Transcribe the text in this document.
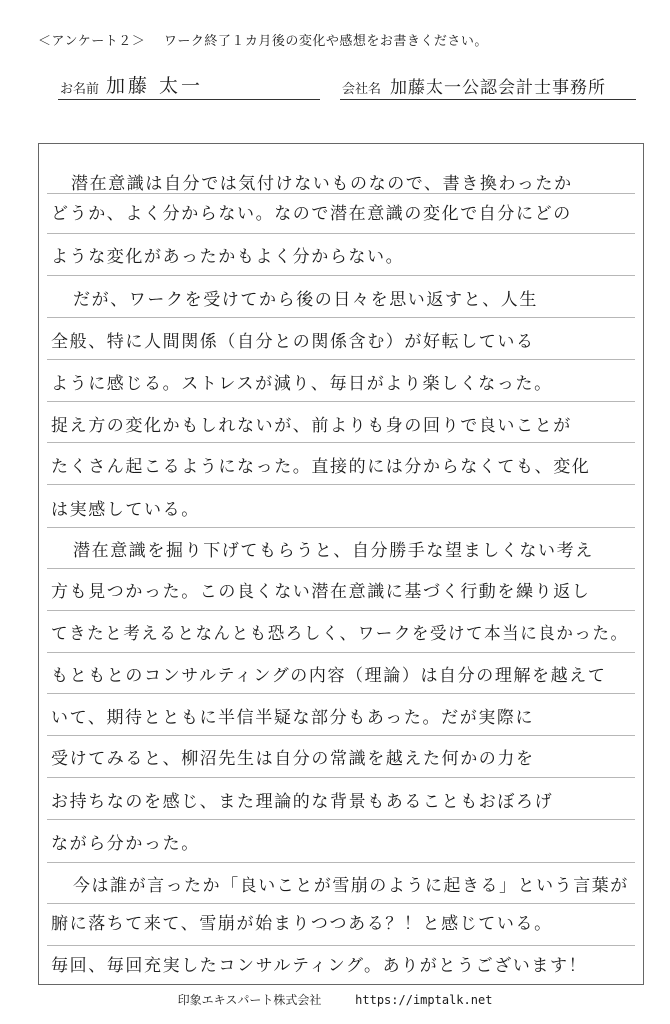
＜アンケート２＞ ワーク終了１カ月後の変化や感想をお書きください。
お名前 加藤 太一	会社名 加藤太一公認会計士事務所
潜在意識は自分では気付けないものなので、書き換わったか
どうか、よく分からない。なので潜在意識の変化で自分にどの
ような変化があったかもよく分からない。
だが、ワークを受けてから後の日々を思い返すと、人生
全般、特に人間関係（自分との関係含む）が好転している
ように感じる。ストレスが減り、毎日がより楽しくなった。
捉え方の変化かもしれないが、前よりも身の回りで良いことが
たくさん起こるようになった。直接的には分からなくても、変化
は実感している。
潜在意識を掘り下げてもらうと、自分勝手な望ましくない考え
方も見つかった。この良くない潜在意識に基づく行動を繰り返し
てきたと考えるとなんとも恐ろしく、ワークを受けて本当に良かった。
もともとのコンサルティングの内容（理論）は自分の理解を越えて
いて、期待とともに半信半疑な部分もあった。だが実際に
受けてみると、柳沼先生は自分の常識を越えた何かの力を
お持ちなのを感じ、また理論的な背景もあることもおぼろげ
ながら分かった。
今は誰が言ったか「良いことが雪崩のように起きる」という言葉が
腑に落ちて来て、雪崩が始まりつつある？！と感じている。
毎回、毎回充実したコンサルティング。ありがとうございます！
印象エキスパート株式会社	https://imptalk.net
